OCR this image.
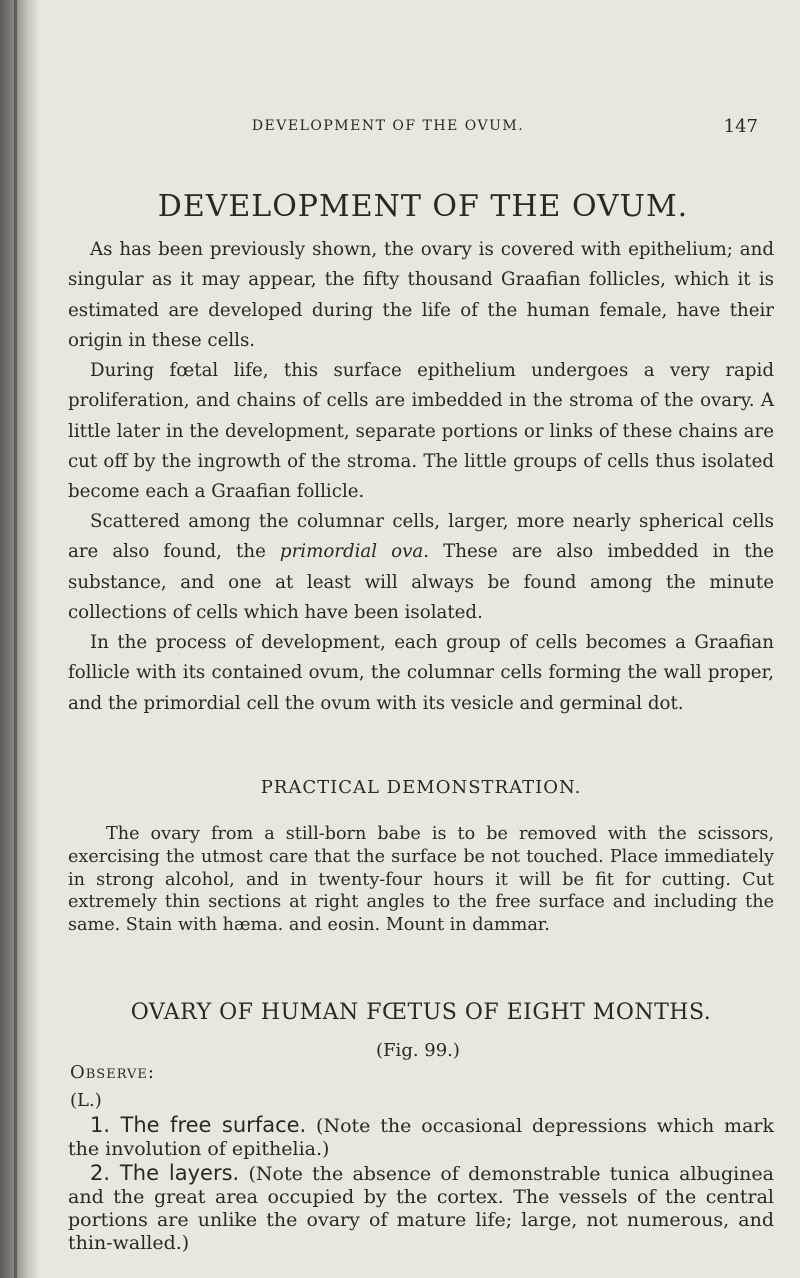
DEVELOPMENT OF THE OVUM.	147
DEVELOPMENT OF THE OVUM.

As has been previously shown, the ovary is covered with epithelium; and singular as it may appear, the fifty thousand Graafian follicles, which it is estimated are developed during the life of the human female, have their origin in these cells.

During fœtal life, this surface epithelium undergoes a very rapid proliferation, and chains of cells are imbedded in the stroma of the ovary. A little later in the development, separate portions or links of these chains are cut off by the ingrowth of the stroma. The little groups of cells thus isolated become each a Graafian follicle.

Scattered among the columnar cells, larger, more nearly spherical cells are also found, the primordial ova. These are also imbedded in the substance, and one at least will always be found among the minute collections of cells which have been isolated.

In the process of development, each group of cells becomes a Graafian follicle with its contained ovum, the columnar cells forming the wall proper, and the primordial cell the ovum with its vesicle and germinal dot.

PRACTICAL DEMONSTRATION.

The ovary from a still-born babe is to be removed with the scissors, exercising the utmost care that the surface be not touched. Place immediately in strong alcohol, and in twenty-four hours it will be fit for cutting. Cut extremely thin sections at right angles to the free surface and including the same. Stain with hæma. and eosin. Mount in dammar.

OVARY OF HUMAN FŒTUS OF EIGHT MONTHS.
(Fig. 99.)
Observe:
(L.)

1. The free surface. (Note the occasional depressions which mark the involution of epithelia.)

2. The layers. (Note the absence of demonstrable tunica albuginea and the great area occupied by the cortex. The vessels of the central portions are unlike the ovary of mature life; large, not numerous, and thin-walled.)
